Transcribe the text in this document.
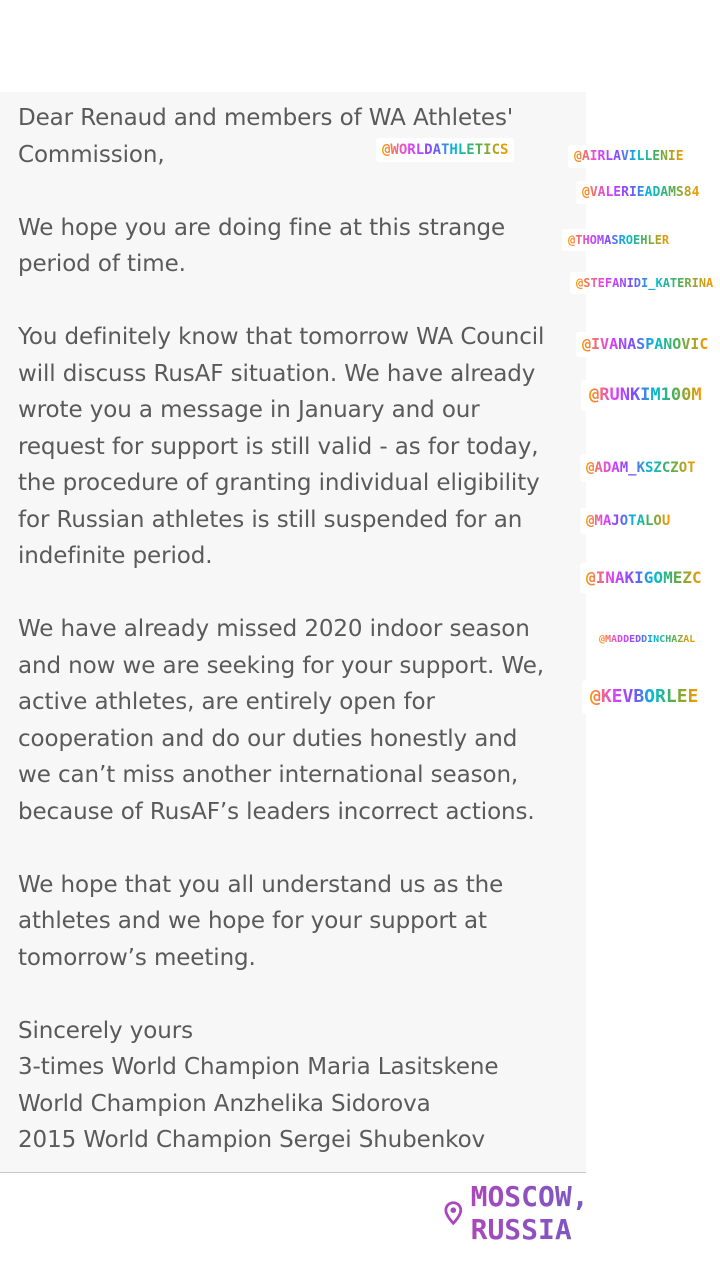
Dear Renaud and members of WA Athletes'
Commission,
We hope you are doing fine at this strange
period of time.
You definitely know that tomorrow WA Council
will discuss RusAF situation. We have already
wrote you a message in January and our
request for support is still valid - as for today,
the procedure of granting individual eligibility
for Russian athletes is still suspended for an
indefinite period.
We have already missed 2020 indoor season
and now we are seeking for your support. We,
active athletes, are entirely open for
cooperation and do our duties honestly and
we can’t miss another international season,
because of RusAF’s leaders incorrect actions.
We hope that you all understand us as the
athletes and we hope for your support at
tomorrow’s meeting.
Sincerely yours
3-times World Champion Maria Lasitskene
World Champion Anzhelika Sidorova
2015 World Champion Sergei Shubenkov
@WORLDATHLETICS	@AIRLAVILLENIE
@VALERIEADAMS84
@THOMASROEHLER
@STEFANIDI_KATERINA
@IVANASPANOVIC
@RUNKIM100M
@ADAM_KSZCZOT
@MAJOTALOU
@INAKIGOMEZC
@MADDEDDINCHAZAL
@KEVBORLEE
MOSCOW, RUSSIA
